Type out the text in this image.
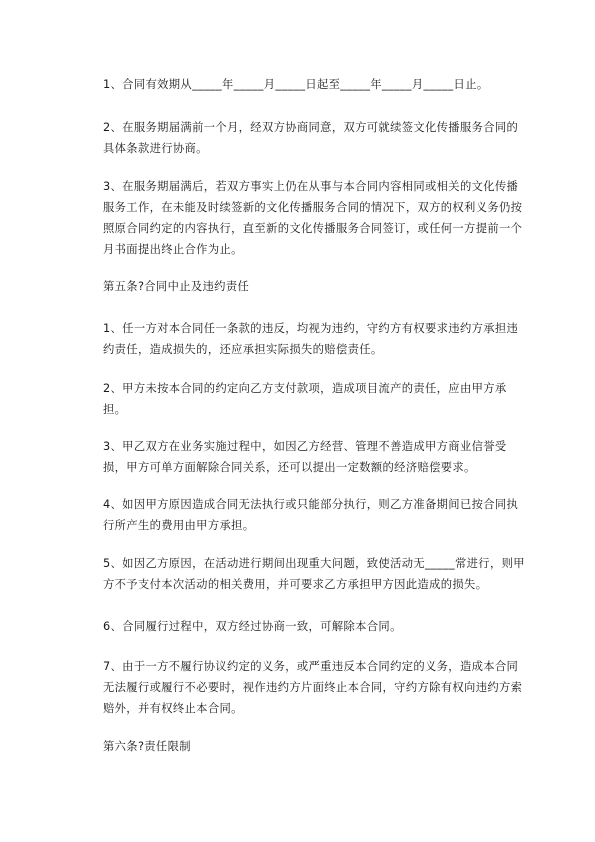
1、合同有效期从_____年_____月_____日起至_____年_____月_____日止。
2、在服务期届满前一个月，经双方协商同意，双方可就续签文化传播服务合同的具体条款进行协商。
3、在服务期届满后，若双方事实上仍在从事与本合同内容相同或相关的文化传播服务工作，在未能及时续签新的文化传播服务合同的情况下，双方的权利义务仍按照原合同约定的内容执行，直至新的文化传播服务合同签订，或任何一方提前一个月书面提出终止合作为止。
第五条?合同中止及违约责任
1、任一方对本合同任一条款的违反，均视为违约，守约方有权要求违约方承担违约责任，造成损失的，还应承担实际损失的赔偿责任。
2、甲方未按本合同的约定向乙方支付款项，造成项目流产的责任，应由甲方承担。
3、甲乙双方在业务实施过程中，如因乙方经营、管理不善造成甲方商业信誉受损，甲方可单方面解除合同关系，还可以提出一定数额的经济赔偿要求。
4、如因甲方原因造成合同无法执行或只能部分执行，则乙方准备期间已按合同执行所产生的费用由甲方承担。
5、如因乙方原因，在活动进行期间出现重大问题，致使活动无_____常进行，则甲方不予支付本次活动的相关费用，并可要求乙方承担甲方因此造成的损失。
6、合同履行过程中，双方经过协商一致，可解除本合同。
7、由于一方不履行协议约定的义务，或严重违反本合同约定的义务，造成本合同无法履行或履行不必要时，视作违约方片面终止本合同，守约方除有权向违约方索赔外，并有权终止本合同。
第六条?责任限制
